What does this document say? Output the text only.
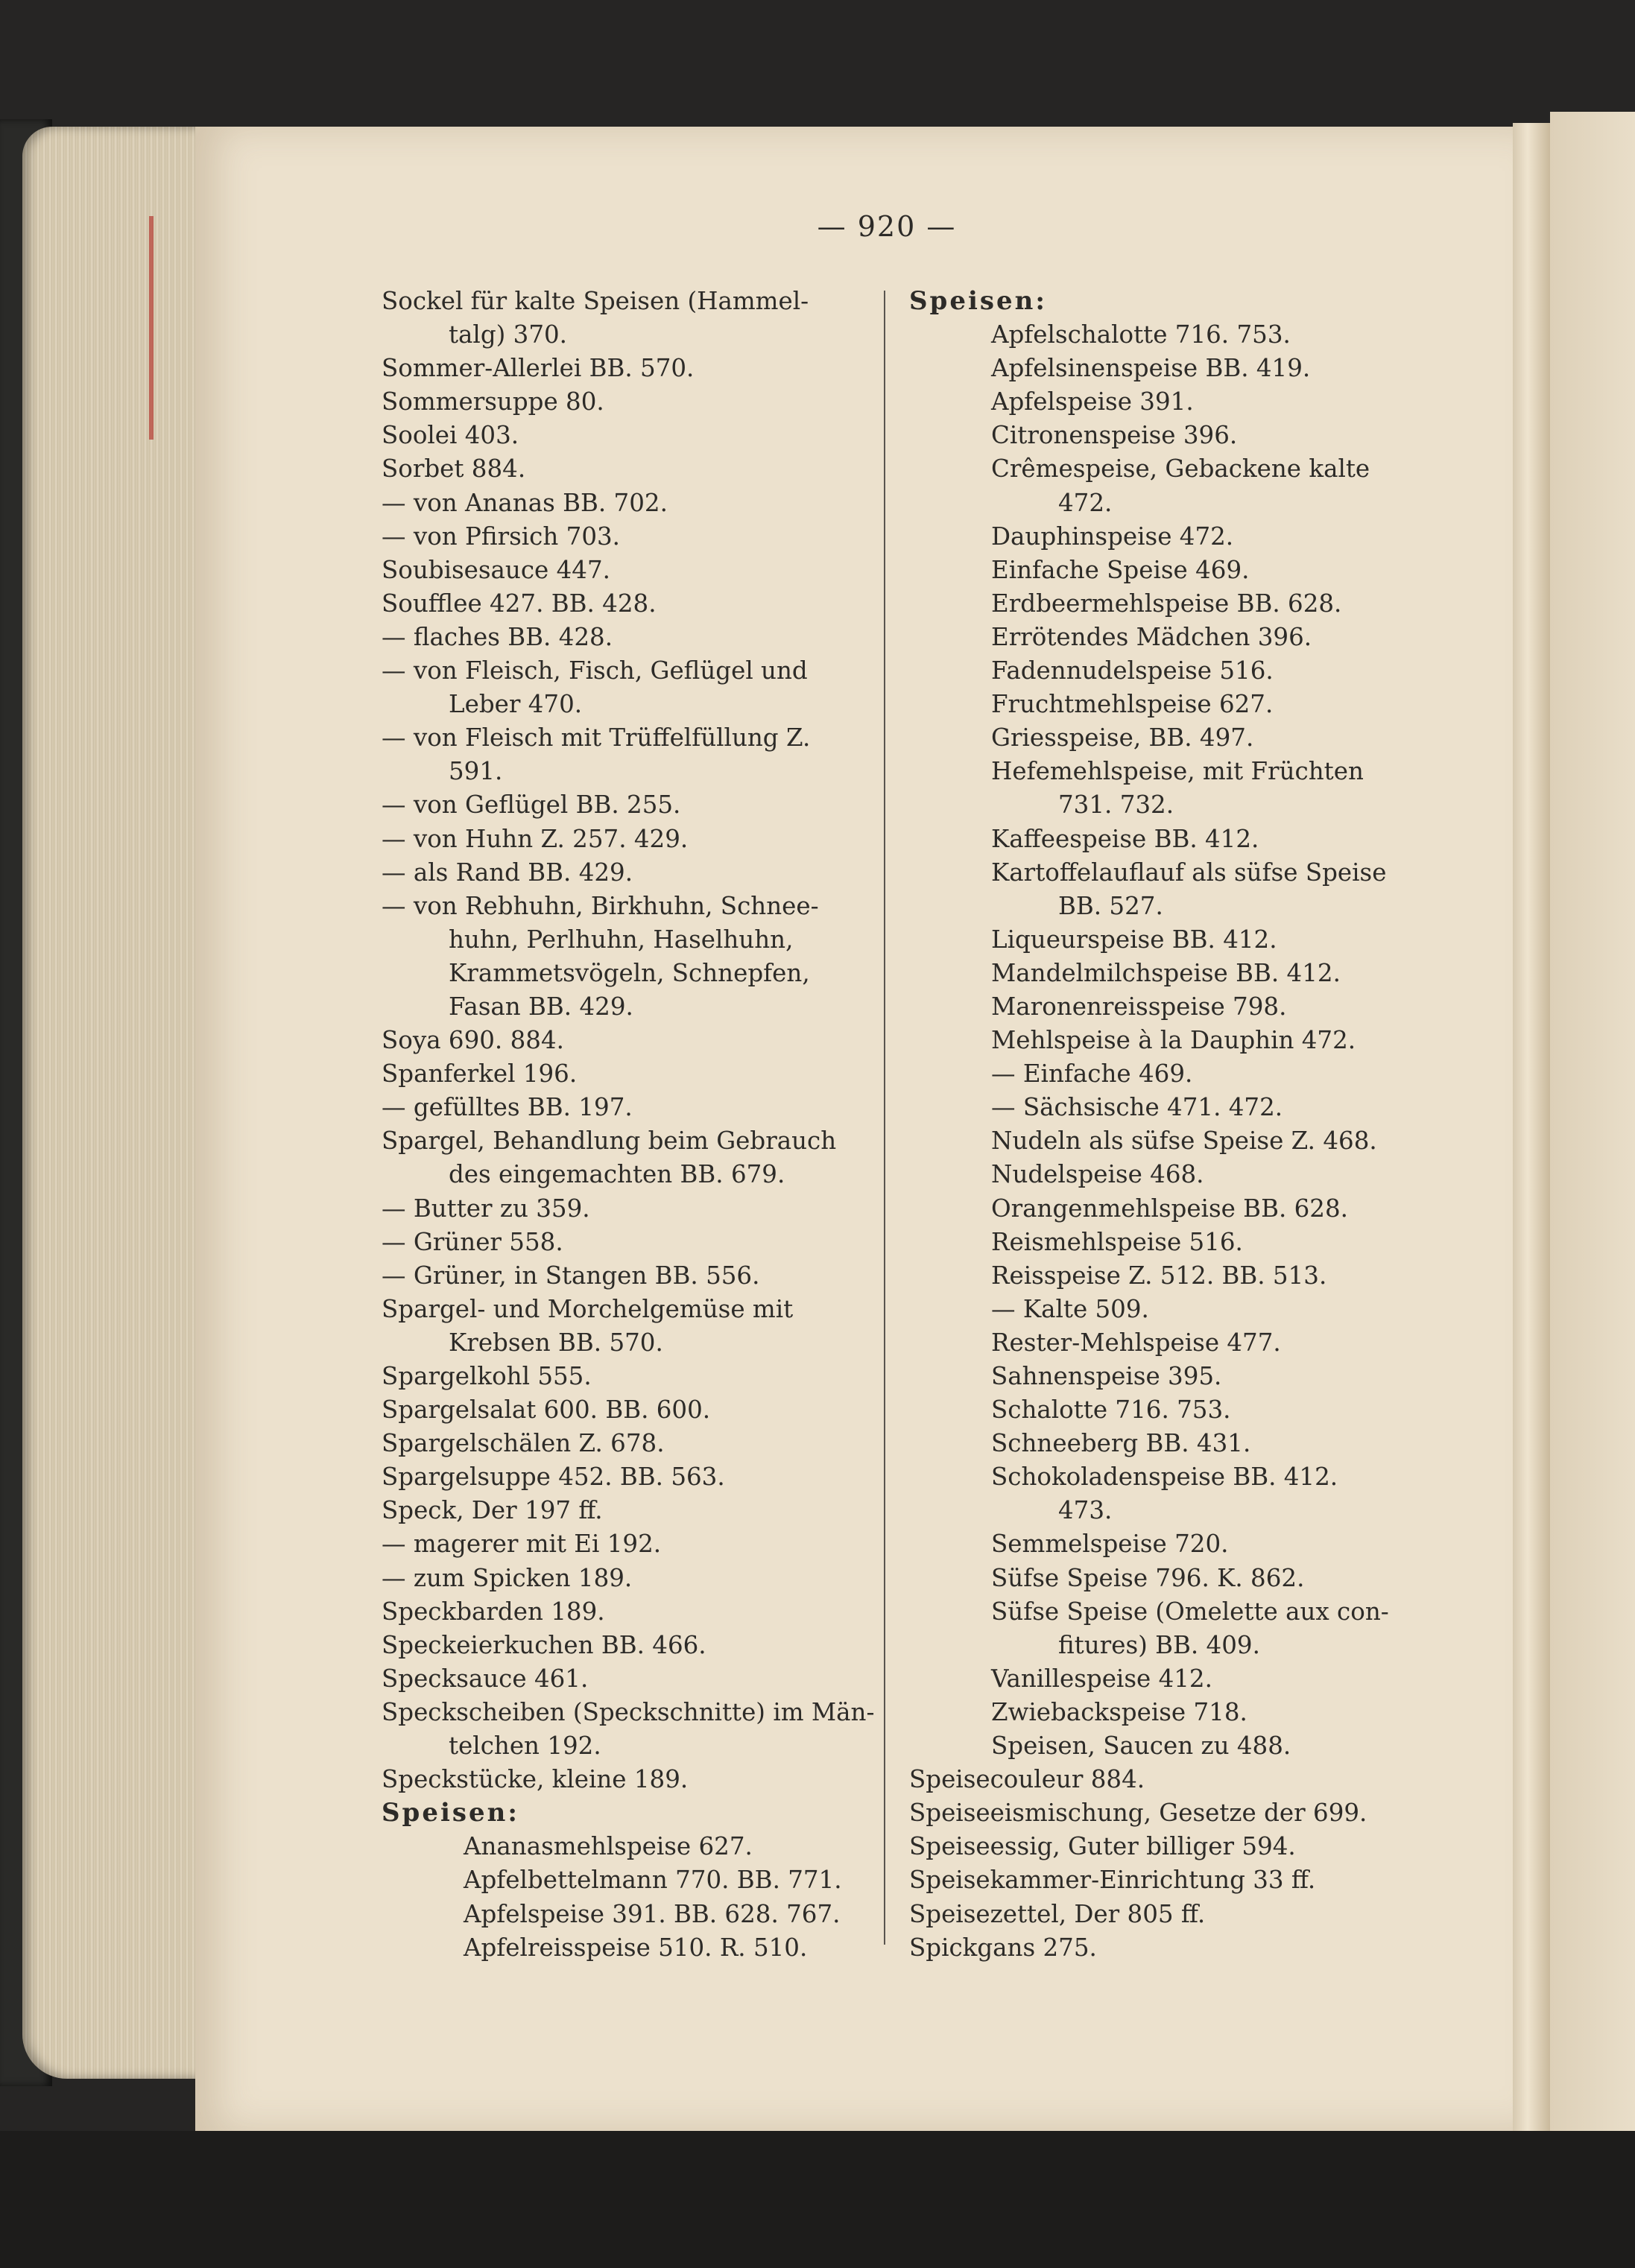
— 920 —
Sockel für kalte Speisen (Hammel-
talg) 370.
Sommer-Allerlei BB. 570.
Sommersuppe 80.
Soolei 403.
Sorbet 884.
— von Ananas BB. 702.
— von Pfirsich 703.
Soubisesauce 447.
Soufflee 427. BB. 428.
— flaches BB. 428.
— von Fleisch, Fisch, Geflügel und
Leber 470.
— von Fleisch mit Trüffelfüllung Z.
591.
— von Geflügel BB. 255.
— von Huhn Z. 257. 429.
— als Rand BB. 429.
— von Rebhuhn, Birkhuhn, Schnee-
huhn, Perlhuhn, Haselhuhn,
Krammetsvögeln, Schnepfen,
Fasan BB. 429.
Soya 690. 884.
Spanferkel 196.
— gefülltes BB. 197.
Spargel, Behandlung beim Gebrauch
des eingemachten BB. 679.
— Butter zu 359.
— Grüner 558.
— Grüner, in Stangen BB. 556.
Spargel- und Morchelgemüse mit
Krebsen BB. 570.
Spargelkohl 555.
Spargelsalat 600. BB. 600.
Spargelschälen Z. 678.
Spargelsuppe 452. BB. 563.
Speck, Der 197 ff.
— magerer mit Ei 192.
— zum Spicken 189.
Speckbarden 189.
Speckeierkuchen BB. 466.
Specksauce 461.
Speckscheiben (Speckschnitte) im Män-
telchen 192.
Speckstücke, kleine 189.
Speisen:
Ananasmehlspeise 627.
Apfelbettelmann 770. BB. 771.
Apfelspeise 391. BB. 628. 767.
Apfelreisspeise 510. R. 510.
Speisen:
Apfelschalotte 716. 753.
Apfelsinenspeise BB. 419.
Apfelspeise 391.
Citronenspeise 396.
Crêmespeise, Gebackene kalte
472.
Dauphinspeise 472.
Einfache Speise 469.
Erdbeermehlspeise BB. 628.
Errötendes Mädchen 396.
Fadennudelspeise 516.
Fruchtmehlspeise 627.
Griesspeise, BB. 497.
Hefemehlspeise, mit Früchten
731. 732.
Kaffeespeise BB. 412.
Kartoffelauflauf als süfse Speise
BB. 527.
Liqueurspeise BB. 412.
Mandelmilchspeise BB. 412.
Maronenreisspeise 798.
Mehlspeise à la Dauphin 472.
— Einfache 469.
— Sächsische 471. 472.
Nudeln als süfse Speise Z. 468.
Nudelspeise 468.
Orangenmehlspeise BB. 628.
Reismehlspeise 516.
Reisspeise Z. 512. BB. 513.
— Kalte 509.
Rester-Mehlspeise 477.
Sahnenspeise 395.
Schalotte 716. 753.
Schneeberg BB. 431.
Schokoladenspeise BB. 412.
473.
Semmelspeise 720.
Süfse Speise 796. K. 862.
Süfse Speise (Omelette aux con-
fitures) BB. 409.
Vanillespeise 412.
Zwiebackspeise 718.
Speisen, Saucen zu 488.
Speisecouleur 884.
Speiseeismischung, Gesetze der 699.
Speiseessig, Guter billiger 594.
Speisekammer-Einrichtung 33 ff.
Speisezettel, Der 805 ff.
Spickgans 275.
